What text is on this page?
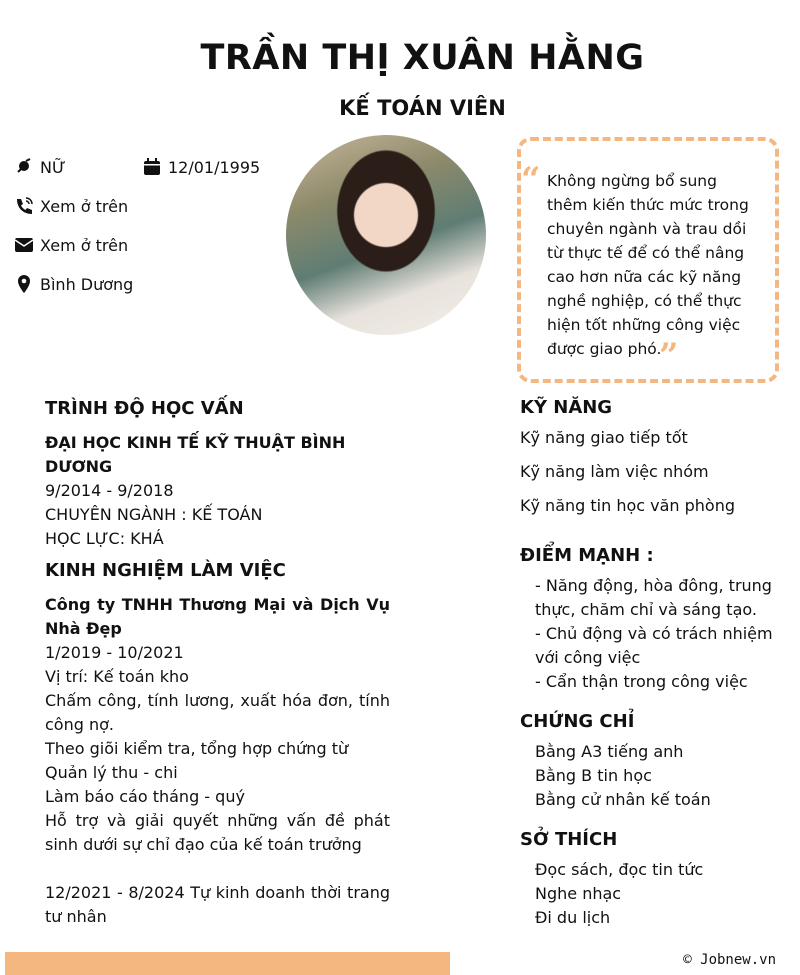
TRẦN THỊ XUÂN HẰNG
KẾ TOÁN VIÊN
NỮ	12/01/1995
Xem ở trên
Xem ở trên
Bình Dương
“ Không ngừng bổ sung thêm kiến thức mức trong chuyên ngành và trau dồi từ thực tế để có thể nâng cao hơn nữa các kỹ năng nghề nghiệp, có thể thực hiện tốt những công việc được giao phó.
”
TRÌNH ĐỘ HỌC VẤN
ĐẠI HỌC KINH TẾ KỸ THUẬT BÌNH DƯƠNG
9/2014 - 9/2018
CHUYÊN NGÀNH : KẾ TOÁN
HỌC LỰC: KHÁ
KINH NGHIỆM LÀM VIỆC
Công ty TNHH Thương Mại và Dịch Vụ Nhà Đẹp
1/2019 - 10/2021
Vị trí: Kế toán kho
Chấm công, tính lương, xuất hóa đơn, tính công nợ.
Theo giõi kiểm tra, tổng hợp chứng từ
Quản lý thu - chi
Làm báo cáo tháng - quý
Hỗ trợ và giải quyết những vấn đề phát sinh dưới sự chỉ đạo của kế toán trưởng
12/2021 - 8/2024 Tự kinh doanh thời trang tư nhân
KỸ NĂNG
Kỹ năng giao tiếp tốt
Kỹ năng làm việc nhóm
Kỹ năng tin học văn phòng
ĐIỂM MẠNH :
- Năng động, hòa đông, trung thực, chăm chỉ và sáng tạo.
- Chủ động và có trách nhiệm với công việc
- Cẩn thận trong công việc
CHỨNG CHỈ
Bằng A3 tiếng anh
Bằng B tin học
Bằng cử nhân kế toán
SỞ THÍCH
Đọc sách, đọc tin tức
Nghe nhạc
Đi du lịch
© Jobnew.vn
